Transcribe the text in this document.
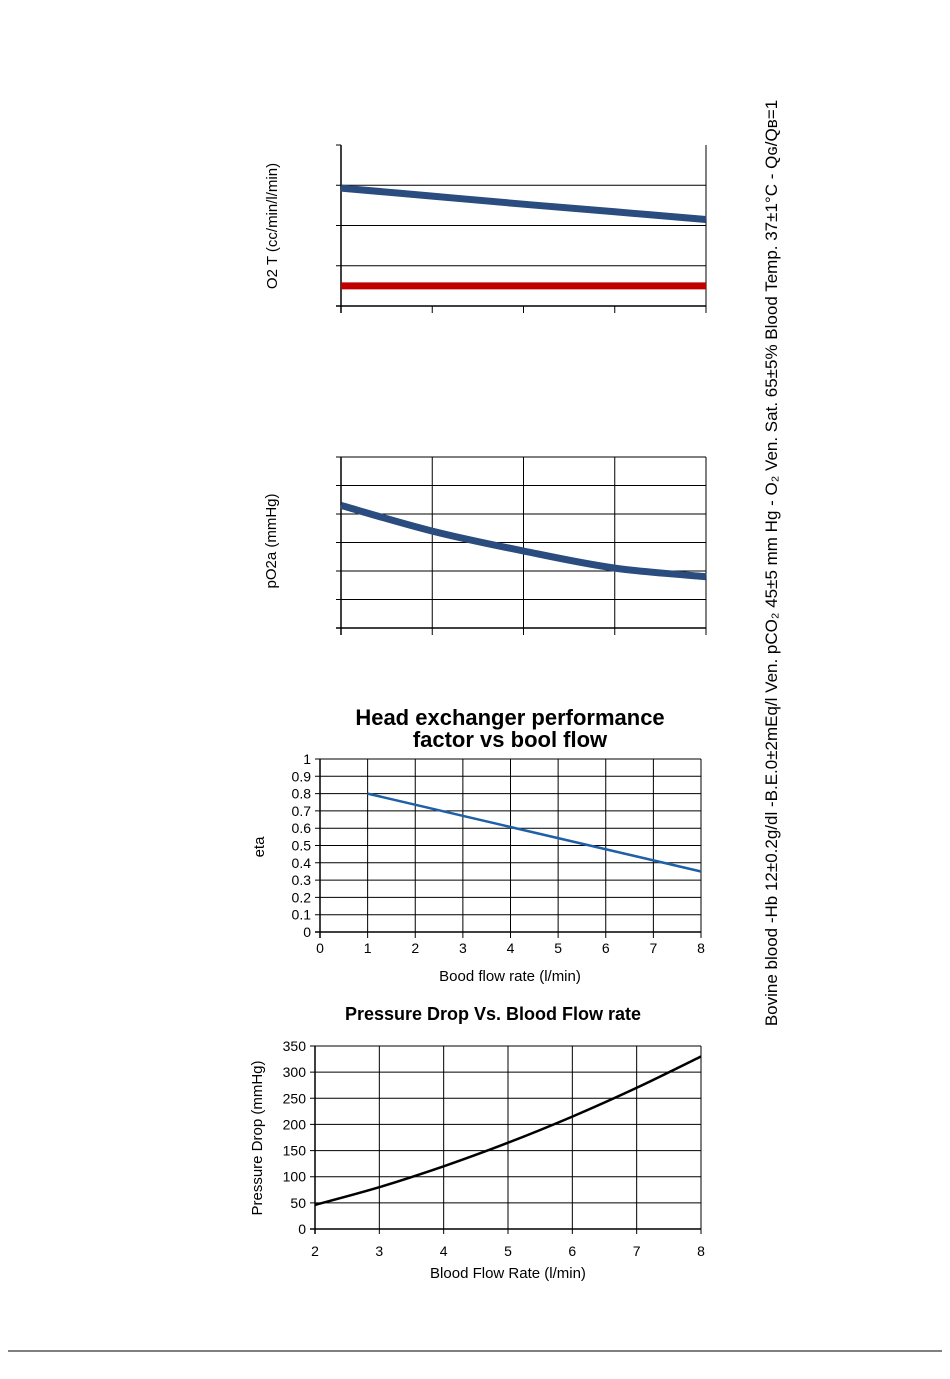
Bovine blood -Hb 12±0.2g/dl -B.E.0±2mEq/l Ven. pCO₂ 45±5 mm Hg - O₂ Ven. Sat. 65±5% Blood Temp. 37±1°C - Qɢ/Qʙ=1
O2 T (cc/min/l/min)
pO2a (mmHg)
Head exchanger performance
factor vs bool flow
0
0.1
0.2
0.3
0.4
0.5
0.6
0.7
0.8
0.9
1
0	1	2	3	4	5	6	7	8
eta
Bood flow rate (l/min)
Pressure Drop Vs. Blood Flow rate
0
50
100
150
200
250
300
350
2	3	4	5	6	7	8
Pressure Drop (mmHg)
Blood Flow Rate (l/min)
